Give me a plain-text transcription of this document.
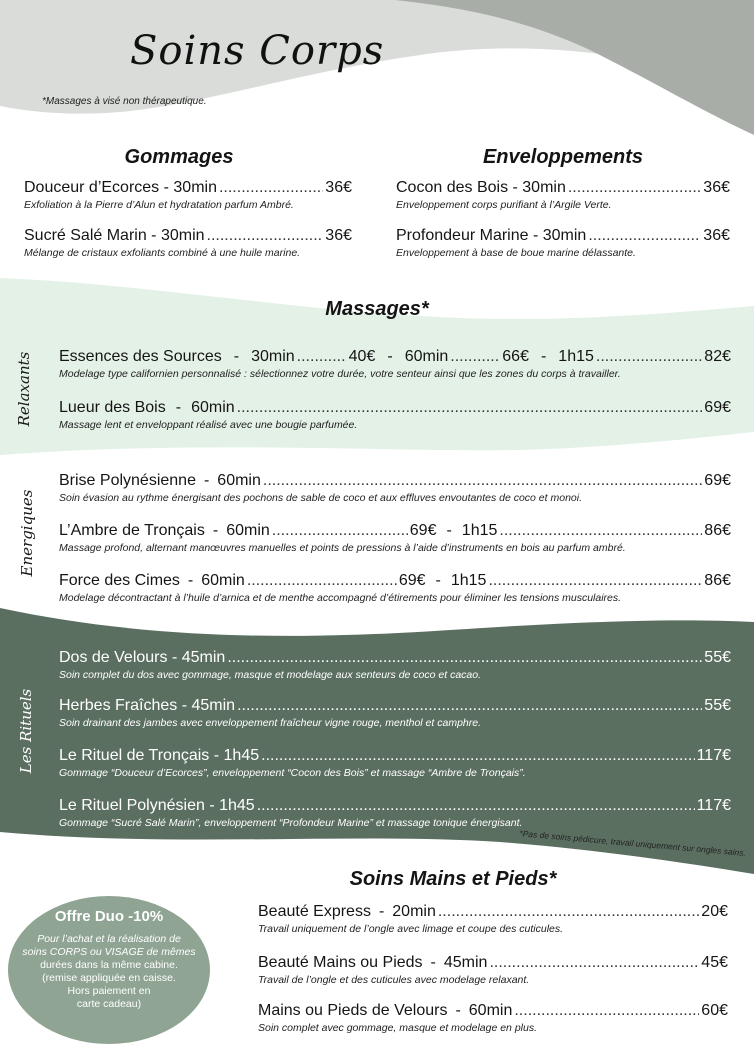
Soins Corps
*Massages à visé non thérapeutique.
Gommages
Douceur d’Ecorces - 30min .....	36€
Exfoliation à la Pierre d’Alun et hydratation parfum Ambré.
Sucré Salé Marin - 30min .....	36€
Mélange de cristaux exfoliants combiné à une huile marine.
Enveloppements
Cocon des Bois - 30min .....	36€
Enveloppement corps purifiant à l’Argile Verte.
Profondeur Marine - 30min .....	36€
Enveloppement à base de boue marine délassante.
Massages*
Relaxants Essences des Sources - 30min .....	40€ - 60min .....	66€ - 1h15 .....	82€
Modelage type californien personnalisé : sélectionnez votre durée, votre senteur ainsi que les zones du corps à travailler.
Lueur des Bois - 60min .....	69€
Massage lent et enveloppant réalisé avec une bougie parfumée.
Energiques
Brise Polynésienne - 60min .....	69€
Soin évasion au rythme énergisant des pochons de sable de coco et aux effluves envoutantes de coco et monoi.
L’Ambre de Tronçais - 60min .....	69€ - 1h15 .....	86€
Massage profond, alternant manœuvres manuelles et points de pressions à l’aide d’instruments en bois au parfum ambré.
Force des Cimes - 60min .....	69€ - 1h15 .....	86€
Modelage décontractant à l’huile d’arnica et de menthe accompagné d’étirements pour éliminer les tensions musculaires.
Les Rituels
Dos de Velours - 45min .....	55€
Soin complet du dos avec gommage, masque et modelage aux senteurs de coco et cacao.
Herbes Fraîches - 45min .....	55€
Soin drainant des jambes avec enveloppement fraîcheur vigne rouge, menthol et camphre.
Le Rituel de Tronçais - 1h45 .....	117€
Gommage “Douceur d’Ecorces”, enveloppement “Cocon des Bois” et massage “Ambre de Tronçais”.
Le Rituel Polynésien - 1h45 .....	117€
Gommage “Sucré Salé Marin”, enveloppement “Profondeur Marine” et massage tonique énergisant.
*Pas de soins pédicure, travail uniquement sur ongles sains.
Soins Mains et Pieds*
Beauté Express - 20min .....	20€
Travail uniquement de l’ongle avec limage et coupe des cuticules.
Beauté Mains ou Pieds - 45min .....	45€
Travail de l’ongle et des cuticules avec modelage relaxant.
Mains ou Pieds de Velours - 60min .....	60€
Soin complet avec gommage, masque et modelage en plus.
Offre Duo -10%
Pour l’achat et la réalisation de
soins CORPS ou VISAGE de mêmes
durées dans la même cabine.
(remise appliquée en caisse.
Hors paiement en
carte cadeau)
